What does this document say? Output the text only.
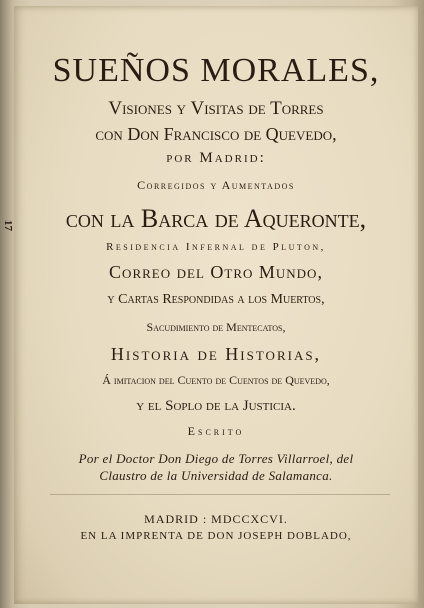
17
SUEÑOS MORALES,
Visiones y Visitas de Torres
con Don Francisco de Quevedo,
por Madrid:
Corregidos y Aumentados
con la Barca de Aqueronte,
Residencia Infernal de Pluton,
Correo del Otro Mundo,
y Cartas Respondidas a los Muertos,
Sacudimiento de Mentecatos,
Historia de Historias,
Á imitacion del Cuento de Cuentos de Quevedo,
y el Soplo de la Justicia.
Escrito
Por el Doctor Don Diego de Torres Villarroel, del
Claustro de la Universidad de Salamanca.
MADRID : MDCCXCVI.
EN LA IMPRENTA DE DON JOSEPH DOBLADO,
